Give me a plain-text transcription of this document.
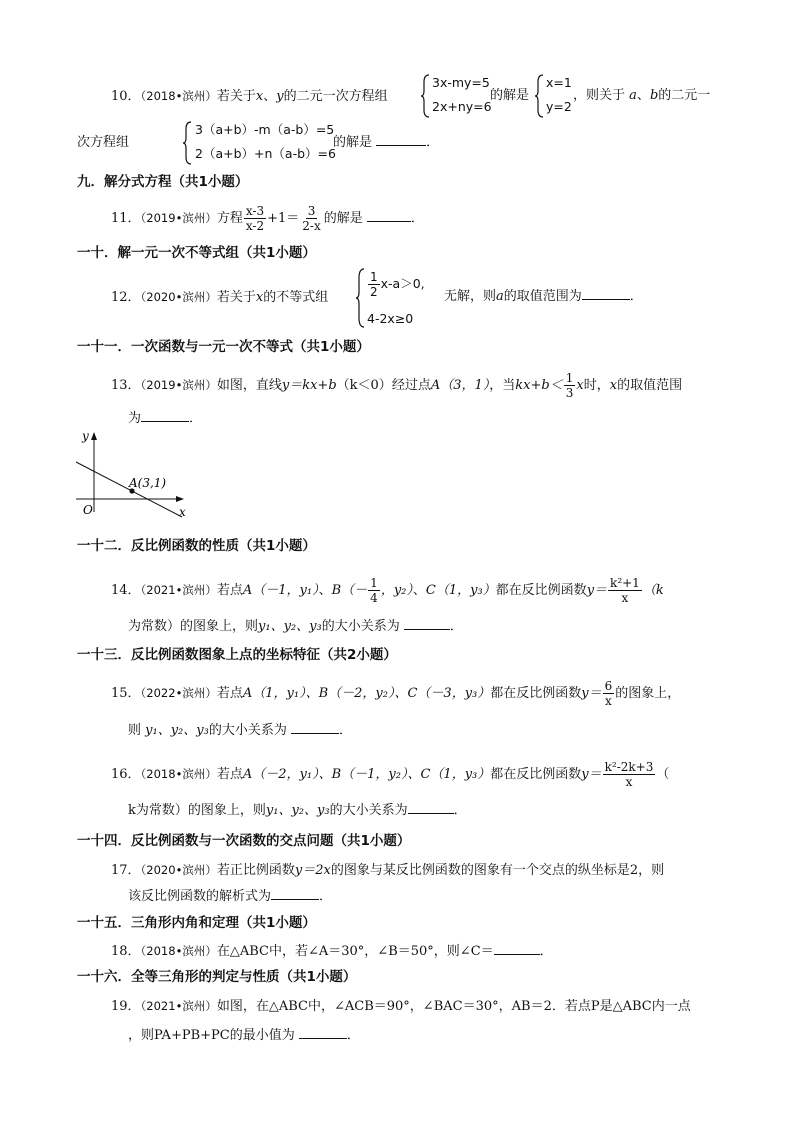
10．（2018•滨州）若关于x、y的二元一次方程组
3x-my=5
2x+ny=6
的解是
x=1
y=2
，则关于 a、b的二元一
次方程组
3（a+b）-m（a-b）=5
2（a+b）+n（a-b）=6
的解是	．
九．解分式方程（共1小题）
11．（2019•滨州）方程 $\frac{x-3}{x-2} +1= \frac{3}{2-x}$ 的解是	．
一十．解一元一次不等式组（共1小题）
12．（2020•滨州）若关于x的不等式组	$\frac{1}{2} x-a>0$,
4-2x≥0
无解，则a的取值范围为	．
一十一．一次函数与一元一次不等式（共1小题）
13．（2019•滨州）如图，直线y＝kx+b（k＜0）经过点A（3，1），当$kx+b< \frac{1}{3}$ x时，x的取值范围
为	．
y
x
O
A(3,1)
一十二．反比例函数的性质（共1小题）
14．（2021•滨州）若点A（－1，y₁）、$B(- \frac{1}{4}$ ，y₂）、C（1，y₃）都在反比例函数$y= \frac{\text{k²+1}}{x} (k$
为常数）的图象上，则y₁、y₂、y₃的大小关系为	．
一十三．反比例函数图象上点的坐标特征（共2小题）
15．（2022•滨州）若点A（1，y₁）、B（－2，y₂）、C（－3，y₃）都在反比例函数$y= \frac{6}{x}$ 的图象上，
则 y₁、y₂、y₃的大小关系为	．
16．（2018•滨州）若点A（－2，y₁）、B（－1，y₂）、C（1，y₃）都在反比例函数$y= \frac{\text{k²-2k+3}}{x}$ （
k为常数）的图象上，则y₁、y₂、y₃的大小关系为	．
一十四．反比例函数与一次函数的交点问题（共1小题）
17．（2020•滨州）若正比例函数y＝2x的图象与某反比例函数的图象有一个交点的纵坐标是2，则
该反比例函数的解析式为	．
一十五．三角形内角和定理（共1小题）
18．（2018•滨州）在△ABC中，若∠A＝30°，∠B＝50°，则∠C＝	．
一十六．全等三角形的判定与性质（共1小题）
19．（2021•滨州）如图，在△ABC中，∠ACB＝90°，∠BAC＝30°，AB＝2．若点P是△ABC内一点
，则PA+PB+PC的最小值为	．
